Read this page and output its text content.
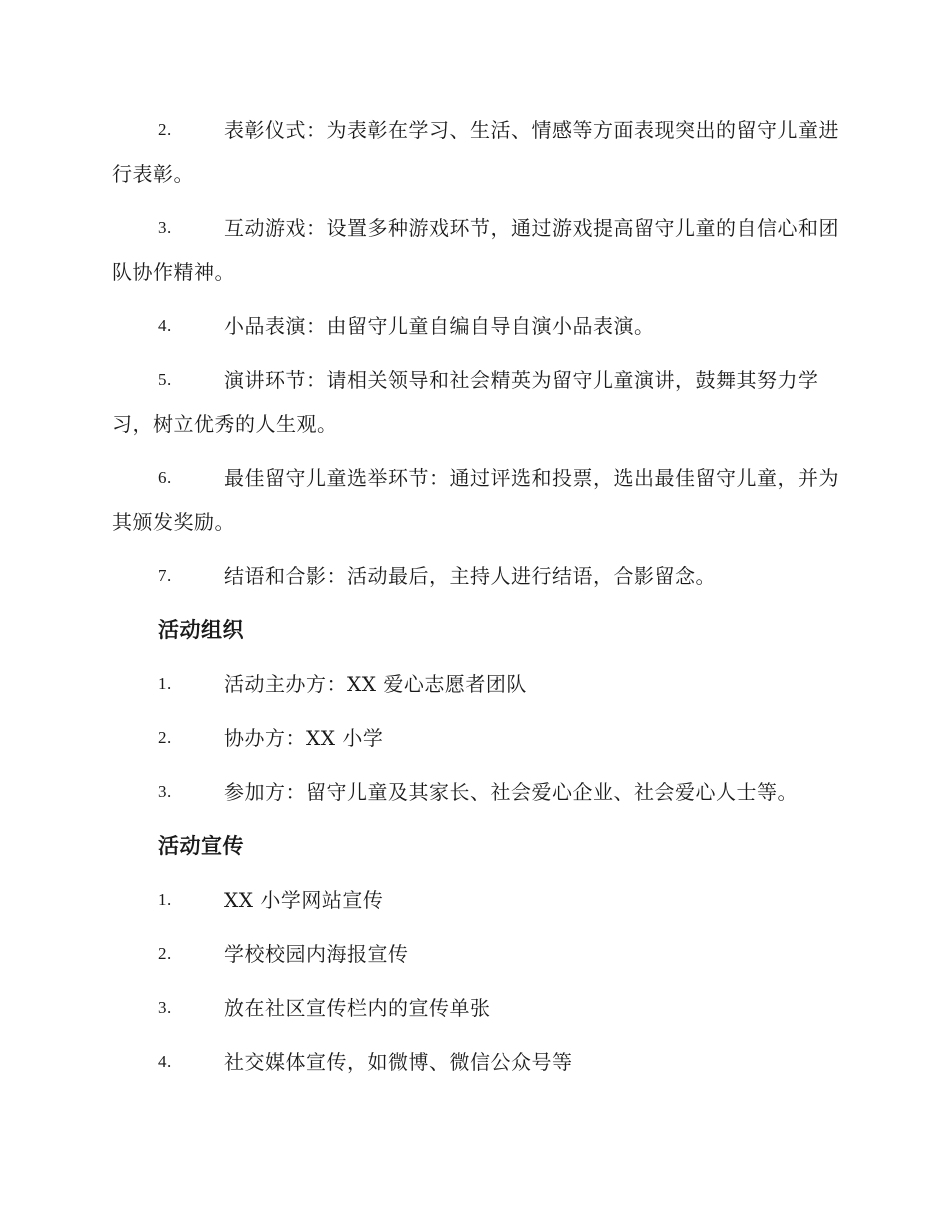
2.	表彰仪式：为表彰在学习、生活、情感等方面表现突出的留守儿童进行表彰。
3.	互动游戏：设置多种游戏环节，通过游戏提高留守儿童的自信心和团队协作精神。
4.	小品表演：由留守儿童自编自导自演小品表演。
5.	演讲环节：请相关领导和社会精英为留守儿童演讲，鼓舞其努力学习，树立优秀的人生观。
6.	最佳留守儿童选举环节：通过评选和投票，选出最佳留守儿童，并为其颁发奖励。
7.	结语和合影：活动最后，主持人进行结语，合影留念。
活动组织
1.	活动主办方：XX 爱心志愿者团队
2.	协办方：XX 小学
3.	参加方：留守儿童及其家长、社会爱心企业、社会爱心人士等。
活动宣传
1.	XX 小学网站宣传
2.	学校校园内海报宣传
3.	放在社区宣传栏内的宣传单张
4.	社交媒体宣传，如微博、微信公众号等
